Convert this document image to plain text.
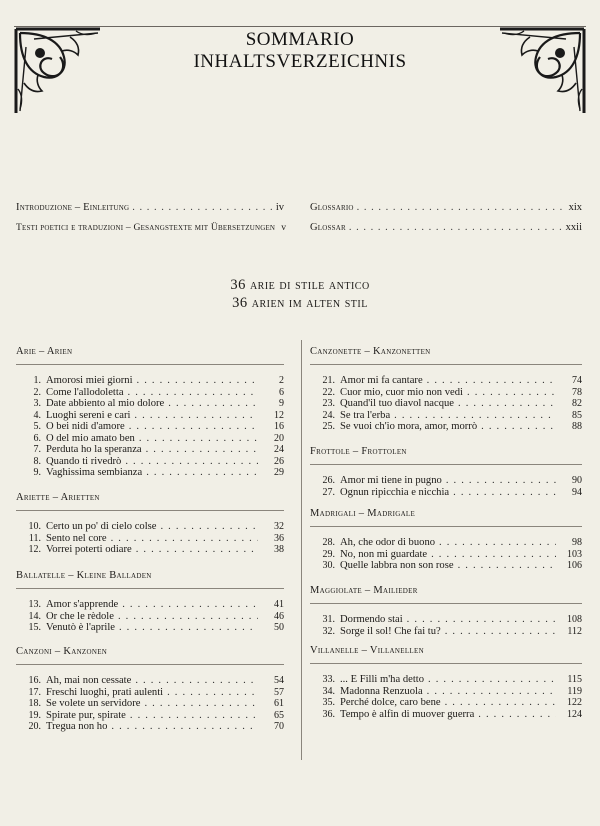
SOMMARIO
INHALTSVERZEICHNIS
Introduzione – Einleitung . . .	iv
Testi poetici e traduzioni – Gesangstexte mit Übersetzungen v
Glossario . . .	xix
Glossar . . .	xxii
36 arie di stile antico
36 arien im alten stil
Arie – Arien
1. Amorosi miei giorni . . .	2
2. Come l'allodoletta . . .	6
3. Date abbiento al mio dolore . . .	9
4. Luoghi sereni e cari . . .	12
5. O bei nidi d'amore . . .	16
6. O del mio amato ben . . .	20
7. Perduta ho la speranza . . .	24
8. Quando ti rivedrò . . .	26
9. Vaghissima sembianza . . .	29
Ariette – Arietten
10. Certo un po' di cielo colse . . .	32
11. Sento nel core . . .	36
12. Vorrei poterti odiare . . .	38
Ballatelle – Kleine Balladen
13. Amor s'apprende . . .	41
14. Or che le rèdole . . .	46
15. Venutò è l'aprile . . .	50
Canzoni – Kanzonen
16. Ah, mai non cessate . . .	54
17. Freschi luoghi, prati aulenti . . .	57
18. Se volete un servidore . . .	61
19. Spirate pur, spirate . . .	65
20. Tregua non ho . . .	70
Canzonette – Kanzonetten
21. Amor mi fa cantare . . .	74
22. Cuor mio, cuor mio non vedi . . .	78
23. Quand'il tuo diavol nacque . . .	82
24. Se tra l'erba . . .	85
25. Se vuoi ch'io mora, amor, morrò . . .	88
Frottole – Frottolen
26. Amor mi tiene in pugno . . .	90
27. Ognun ripicchia e nicchia . . .	94
Madrigali – Madrigale
28. Ah, che odor di buono . . .	98
29. No, non mi guardate . . .	103
30. Quelle labbra non son rose . . .	106
Maggiolate – Mailieder
31. Dormendo stai . . .	108
32. Sorge il sol! Che fai tu? . . .	112
Villanelle – Villanellen
33. ... E Filli m'ha detto . . .	115
34. Madonna Renzuola . . .	119
35. Perché dolce, caro bene . . .	122
36. Tempo è alfin di muover guerra . . .	124
